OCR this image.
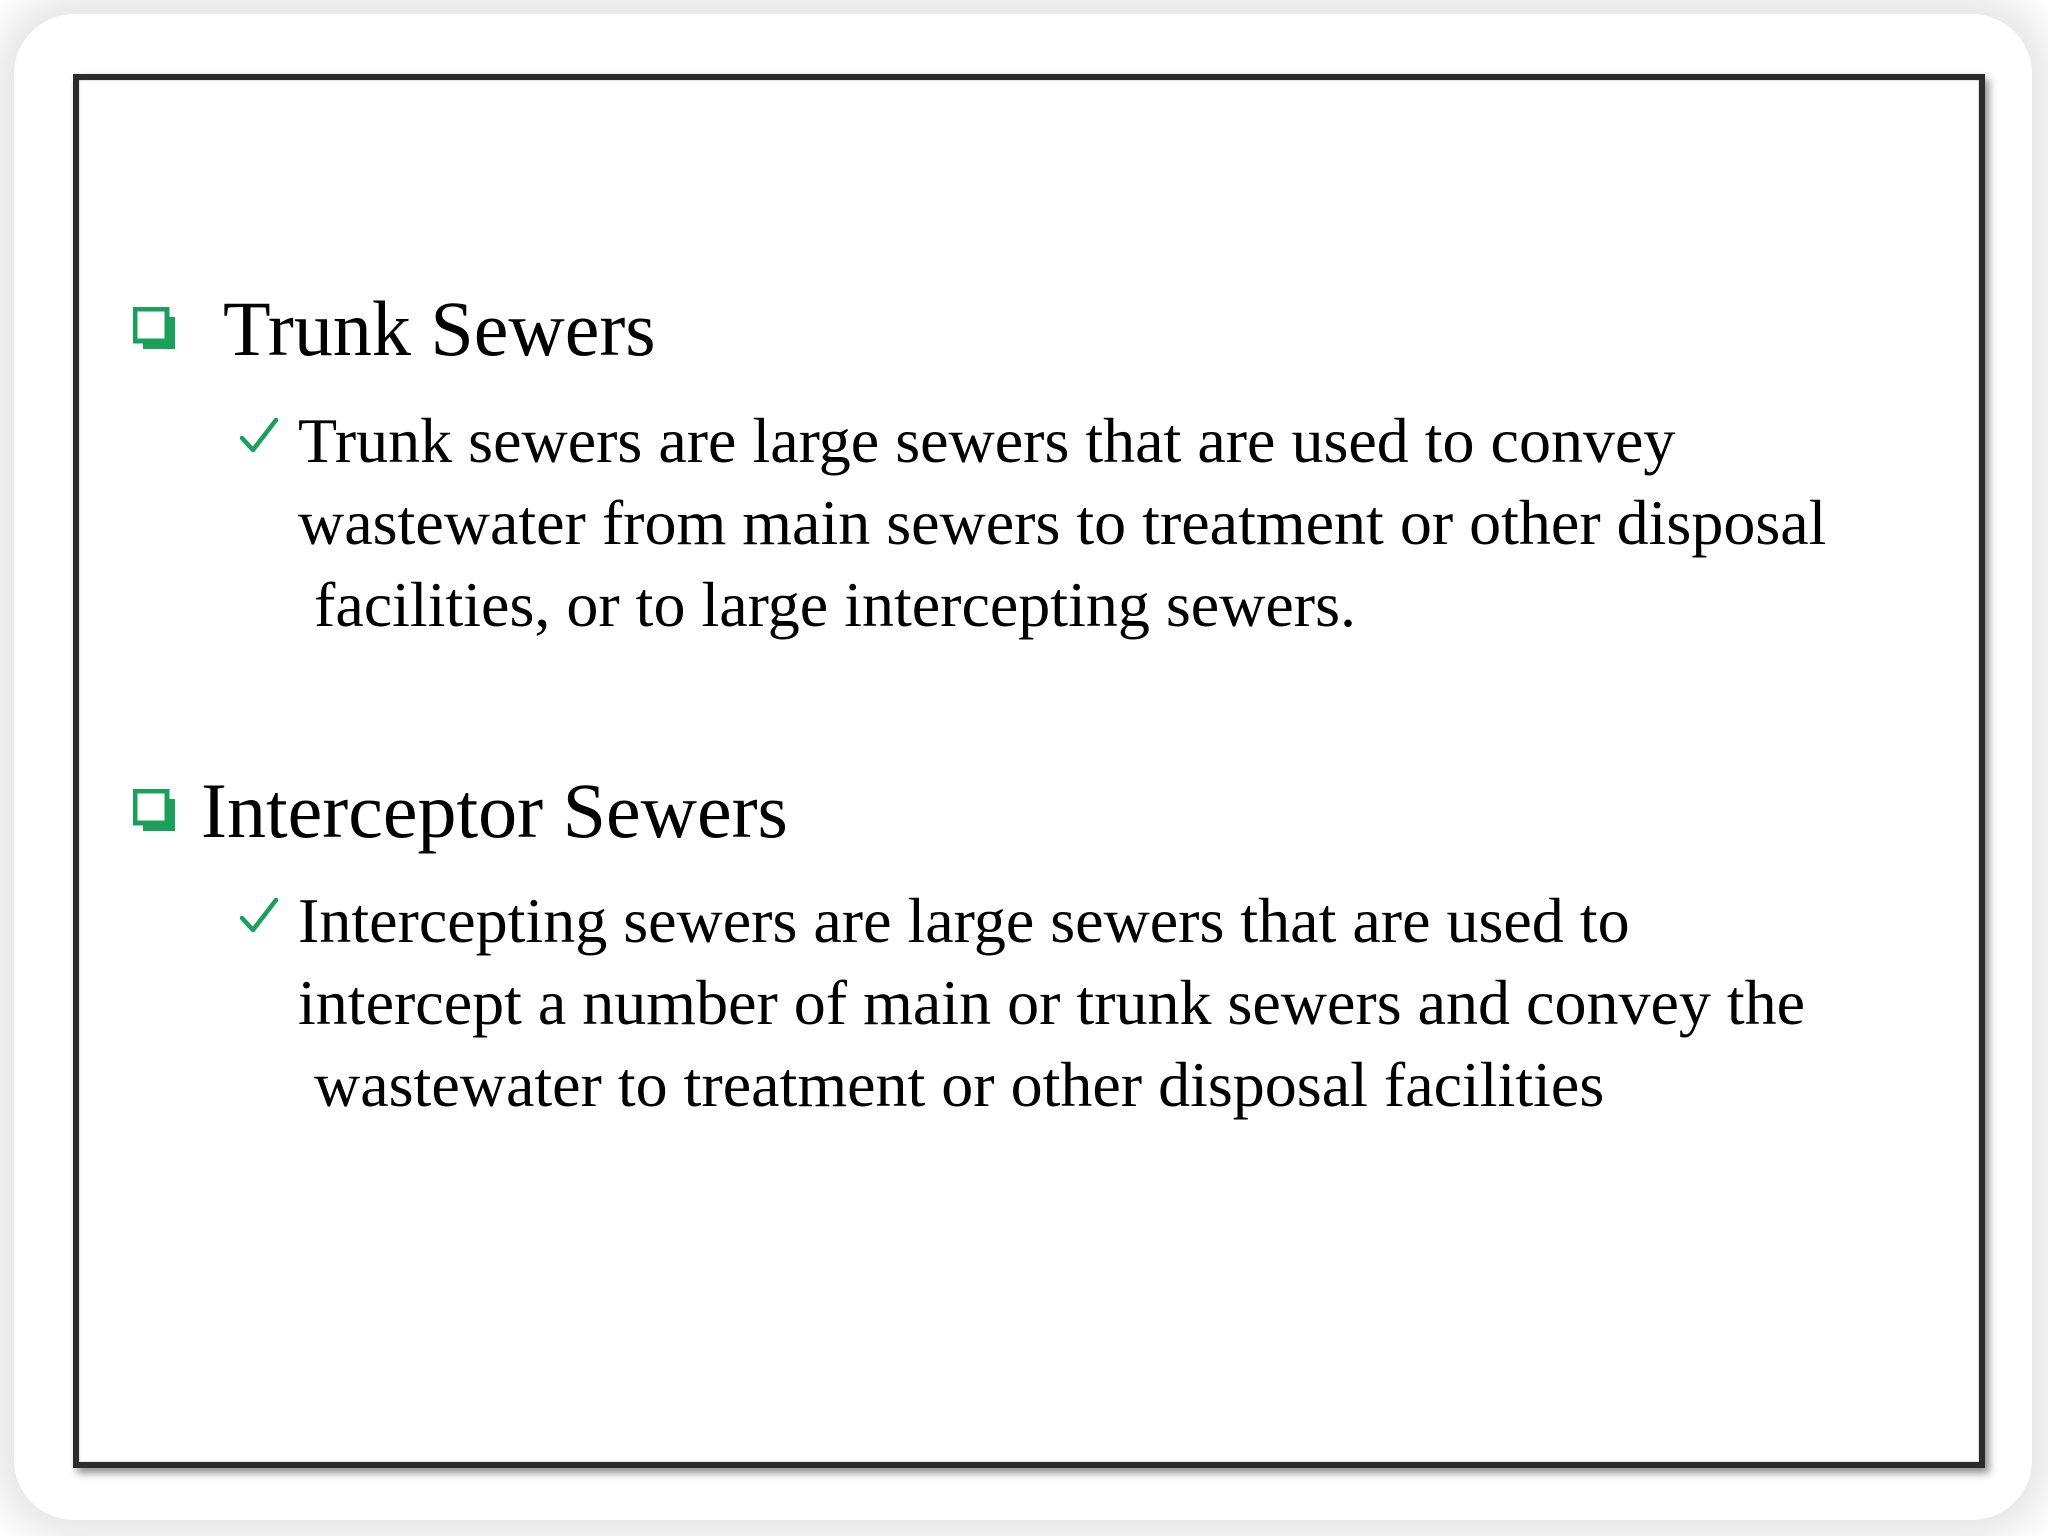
Trunk Sewers
Trunk sewers are large sewers that are used to convey
wastewater from main sewers to treatment or other disposal
facilities, or to large intercepting sewers.
Interceptor Sewers
Intercepting sewers are large sewers that are used to
intercept a number of main or trunk sewers and convey the
wastewater to treatment or other disposal facilities
